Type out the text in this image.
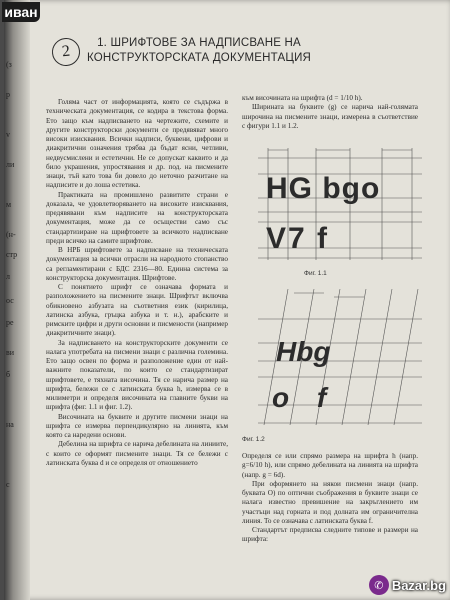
(з
р
v
ли
м
(н-
стр
л
ос
ре
ви
б
на
с
2	1. ШРИФТОВЕ ЗА НАДПИСВАНЕ НА КОНСТРУКТОРСКАТА ДОКУМЕНТАЦИЯ

Голяма част от информацията, която се съдържа в техническата документация, се кодира в текстова форма. Ето защо към надписването на чертежите, схемите и другите конструкторски документи се предявяват много високи изисквания. Всички надписи, буквени, цифрови и диакритични означения трябва да бъдат ясни, четливи, недвусмислени и естетични. Не се допускат каквито и да било украшения, упростявания и др. под. на писмените знаци, тъй като това би довело до неточно разчитане на надписите и до лоша естетика.

Практиката на промишлено развитите страни е доказала, че удовлетворяването на високите изисквания, предявявани към надписите на конструкторската документация, може да се осъществи само със стандартизиране на шрифтовете за всичкото надписване преди всичко на самите шрифтове.

В НРБ шрифтовете за надписване на техническата документация за всички отрасли на народното стопанство са регламентирани с БДС 2316—80. Единна система за конструкторска документация. Шрифтове.

С понятието шрифт се означава формата и разположението на писмените знаци. Шрифтът включва обикновено азбузата на съответния език (кирилица, латинска азбука, гръцка азбука и т. н.), арабските и римските цифри и други основни и писмености (например диакритичните знаци).

За надписването на конструкторските документи се налага употребата на писмени знаци с различна големина. Ето защо освен по форма и разположение един от най-важните показатели, по които се стандартизират шрифтовете, е тяхната височина. Тя се нарича размер на шрифта, бележи се с латинската буква h, измерва се в милиметри и определя височината на главните букви на шрифта (фиг. 1.1 и фиг. 1.2).

Височината на буквите и другите писмени знаци на шрифта се измерва перпендикулярно на линията, към която са наредени основи.

Дебелина на шрифта се нарича дебелината на линиите, с които се оформят писмените знаци. Тя се бележи с латинската буква d и се определя от отношението

към височината на шрифта (d = 1/10 h).

Ширината на буквите (g) се нарича най-голямата широчина на писмените знаци, измерена в съответствие с фигури 1.1 и 1.2.

HG bgo
V7 f
Фиг. 1.1
Hbg
o f
Фиг. 1.2

Определя се или спрямо размера на шрифта h (напр. g=6/10 h), или спрямо дебелината на линията на шрифта (напр. g = 6d).

При оформянето на някои писмени знаци (напр. буквата О) по оптични съображения в буквите знаци се налага известно превишение на закръглението им участъци над горната и под долната им ограничителна линия. То се означава с латинската буква f.

Стандартът предписва следните типове и размери на шрифта:

иван
✆ Bazar.bg
